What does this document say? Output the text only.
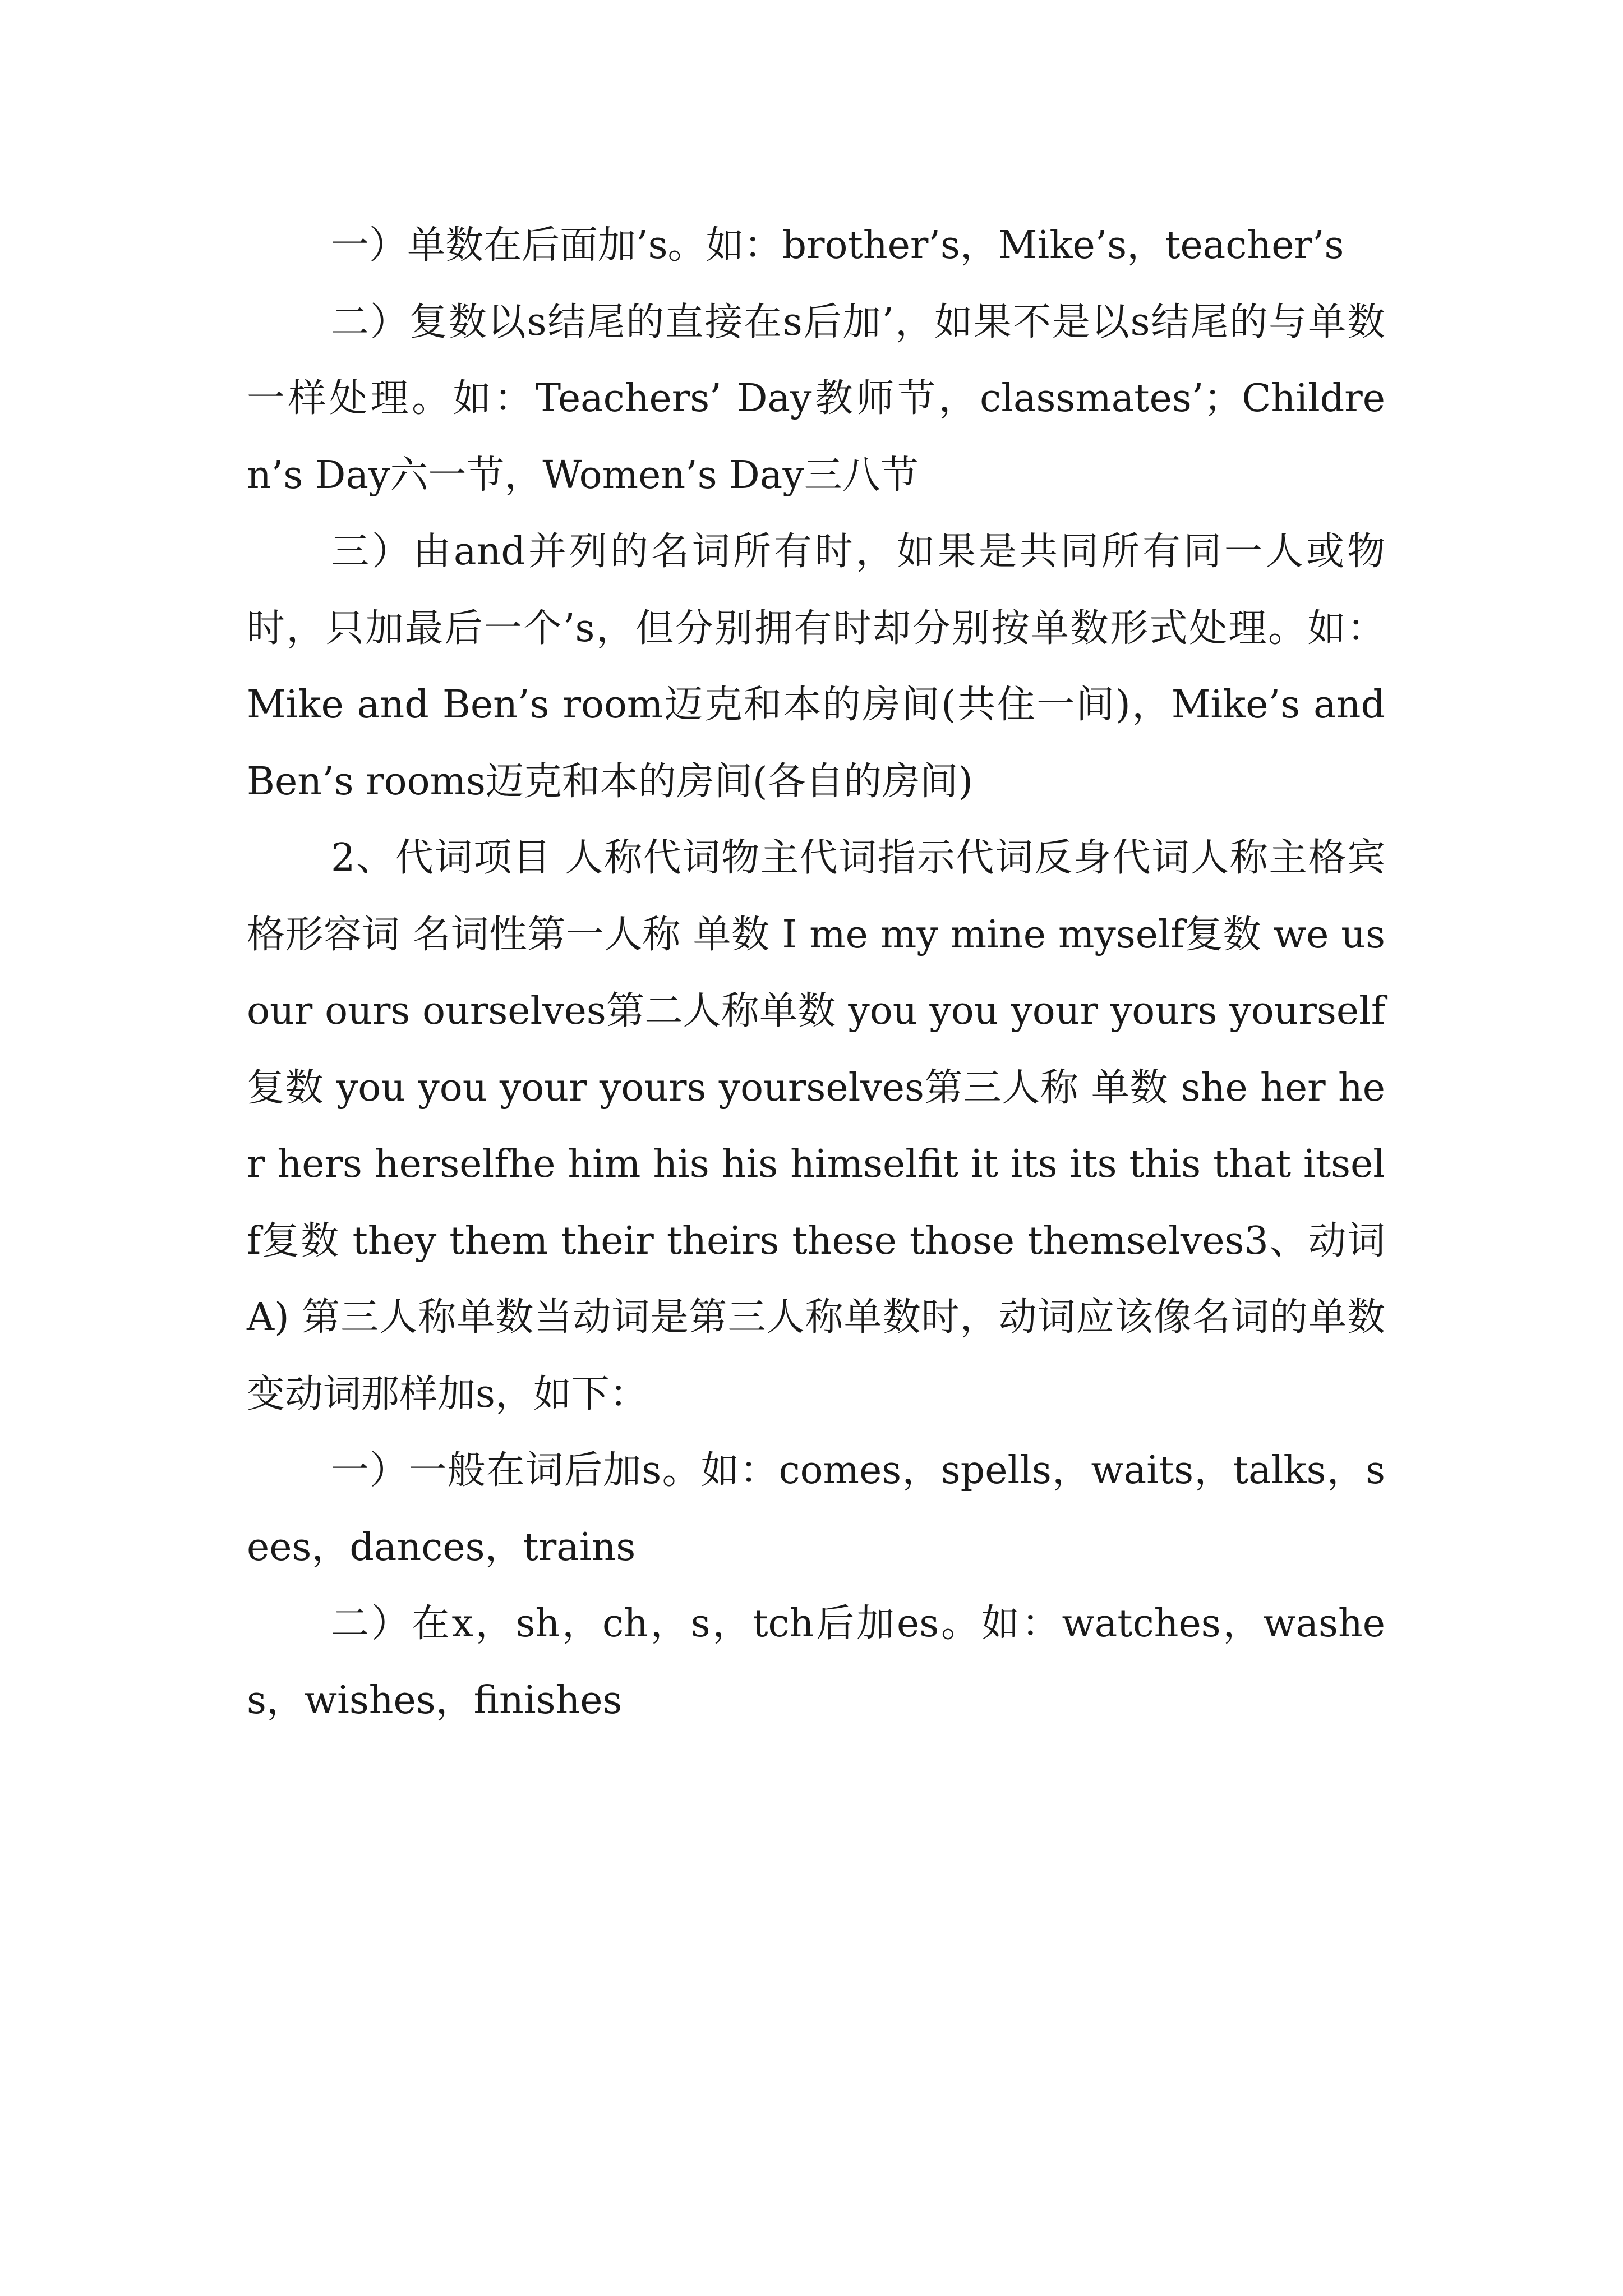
一）单数在后面加’s。如：brother’s，Mike’s，teacher’s

二）复数以s结尾的直接在s后加’，如果不是以s结尾的与单数一样处理。如：Teachers’ Day教师节，classmates’；Children’s Day六一节，Women’s Day三八节

三）由and并列的名词所有时，如果是共同所有同一人或物时，只加最后一个’s，但分别拥有时却分别按单数形式处理。如：Mike and Ben’s room迈克和本的房间(共住一间)，Mike’s and Ben’s rooms迈克和本的房间(各自的房间)

2、代词项目 人称代词物主代词指示代词反身代词人称主格宾格形容词 名词性第一人称 单数 I me my mine myself复数 we us our ours ourselves第二人称单数 you you your yours yourself复数 you you your yours yourselves第三人称 单数 she her her hers herselfhe him his his himselfit it its its this that itself复数 they them their theirs these those themselves3、动词A) 第三人称单数当动词是第三人称单数时，动词应该像名词的单数变动词那样加s，如下：

一）一般在词后加s。如：comes，spells，waits，talks，sees，dances，trains

二）在x，sh，ch，s，tch后加es。如：watches，washes，wishes，finishes
